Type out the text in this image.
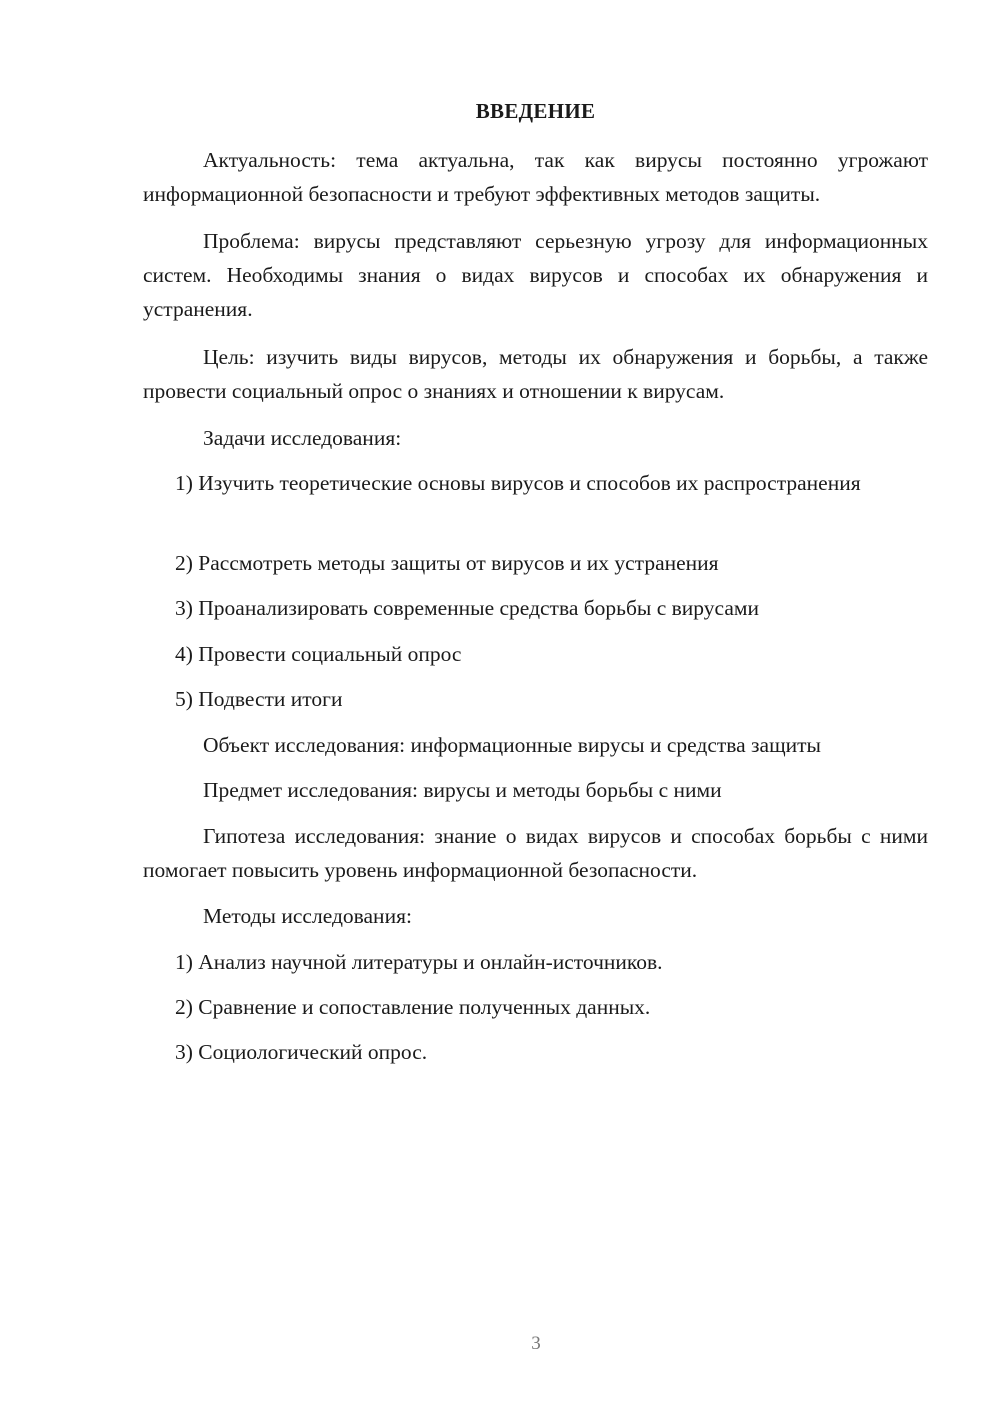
ВВЕДЕНИЕ

Актуальность: тема актуальна, так как вирусы постоянно угрожают информационной безопасности и требуют эффективных методов защиты.

Проблема: вирусы представляют серьезную угрозу для информационных систем. Необходимы знания о видах вирусов и способах их обнаружения и устранения.

Цель: изучить виды вирусов, методы их обнаружения и борьбы, а также провести социальный опрос о знаниях и отношении к вирусам.

Задачи исследования:

1) Изучить теоретические основы вирусов и способов их распространения

2) Рассмотреть методы защиты от вирусов и их устранения

3) Проанализировать современные средства борьбы с вирусами

4) Провести социальный опрос

5) Подвести итоги

Объект исследования: информационные вирусы и средства защиты

Предмет исследования: вирусы и методы борьбы с ними

Гипотеза исследования: знание о видах вирусов и способах борьбы с ними помогает повысить уровень информационной безопасности.

Методы исследования:

1) Анализ научной литературы и онлайн-источников.

2) Сравнение и сопоставление полученных данных.

3) Социологический опрос.

3
